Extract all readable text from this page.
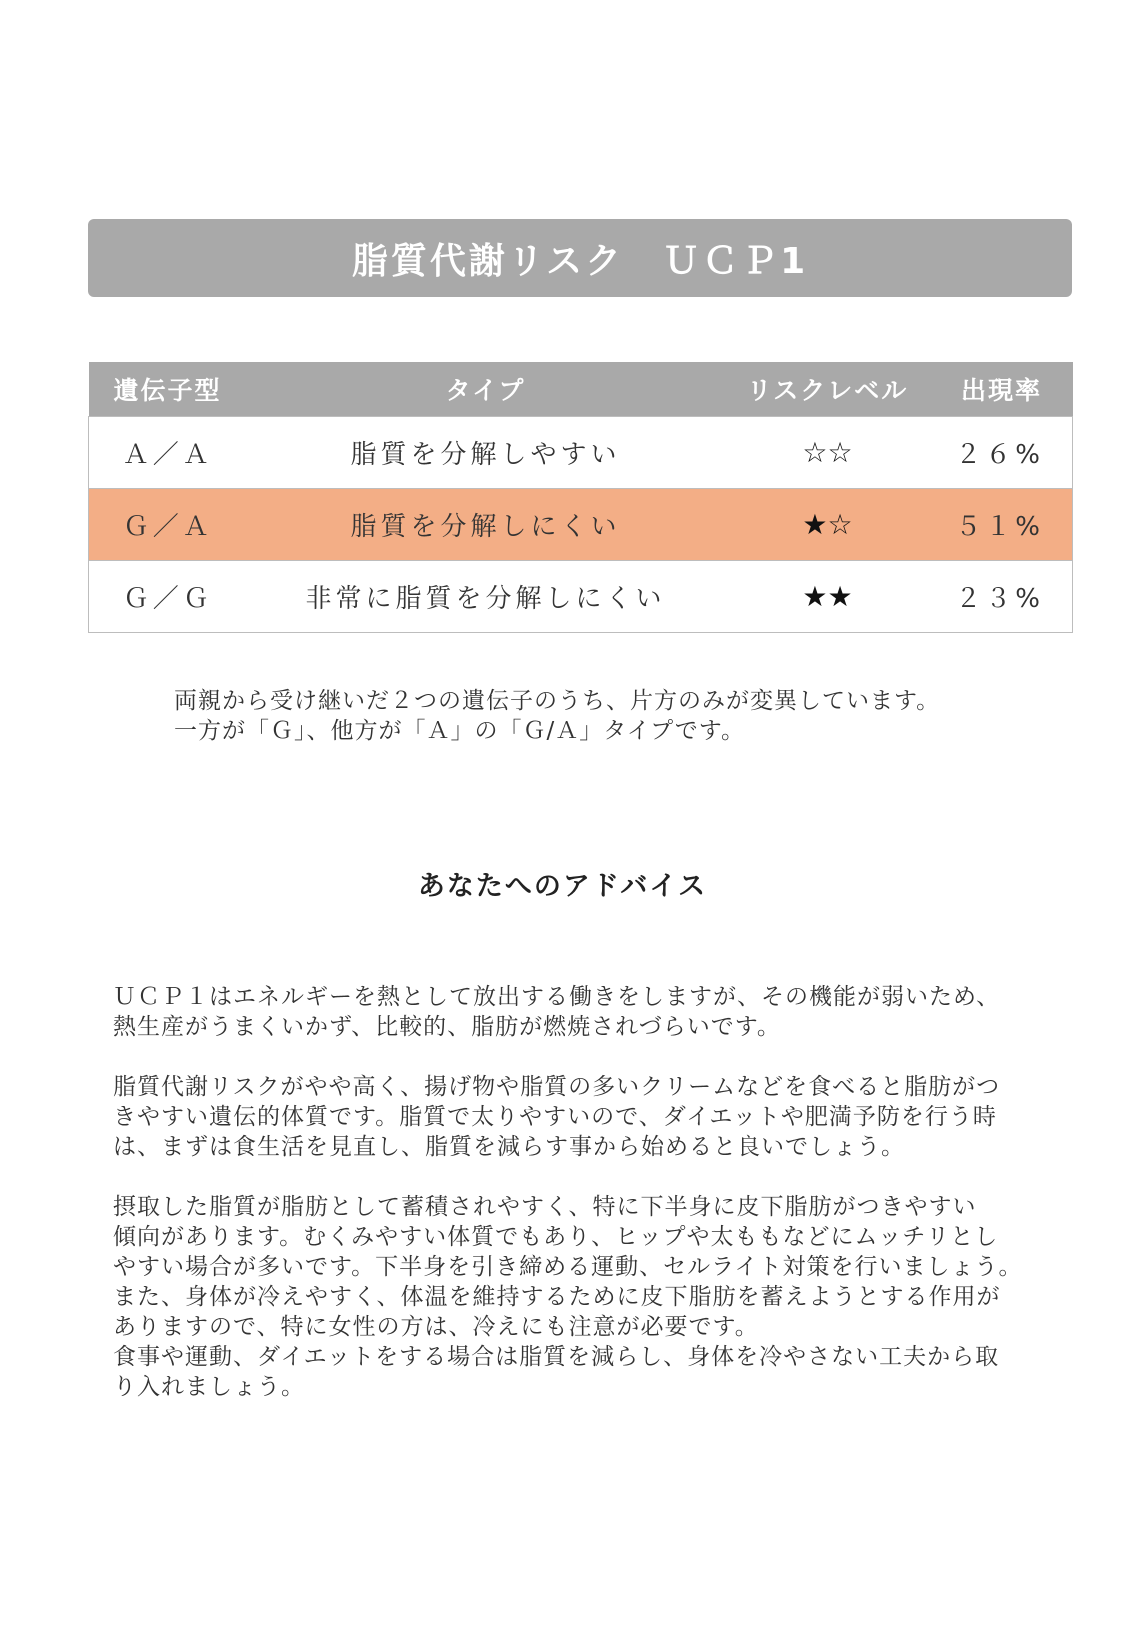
脂質代謝リスク　ＵＣＰ1
遺伝子型	タイプ	リスクレベル	出現率
Ａ／Ａ	脂質を分解しやすい	☆☆	２６%
Ｇ／Ａ	脂質を分解しにくい	★☆	５１%
Ｇ／Ｇ	非常に脂質を分解しにくい	★★	２３%

両親から受け継いだ２つの遺伝子のうち、片方のみが変異しています。

一方が「Ｇ」、他方が「Ａ」の「Ｇ/Ａ」タイプです。

あなたへのアドバイス

ＵＣＰ１はエネルギーを熱として放出する働きをしますが、その機能が弱いため、

熱生産がうまくいかず、比較的、脂肪が燃焼されづらいです。

脂質代謝リスクがやや高く、揚げ物や脂質の多いクリームなどを食べると脂肪がつ

きやすい遺伝的体質です。脂質で太りやすいので、ダイエットや肥満予防を行う時

は、まずは食生活を見直し、脂質を減らす事から始めると良いでしょう。

摂取した脂質が脂肪として蓄積されやすく、特に下半身に皮下脂肪がつきやすい

傾向があります。むくみやすい体質でもあり、ヒップや太ももなどにムッチリとし

やすい場合が多いです。下半身を引き締める運動、セルライト対策を行いましょう。

また、身体が冷えやすく、体温を維持するために皮下脂肪を蓄えようとする作用が

ありますので、特に女性の方は、冷えにも注意が必要です。

食事や運動、ダイエットをする場合は脂質を減らし、身体を冷やさない工夫から取

り入れましょう。
